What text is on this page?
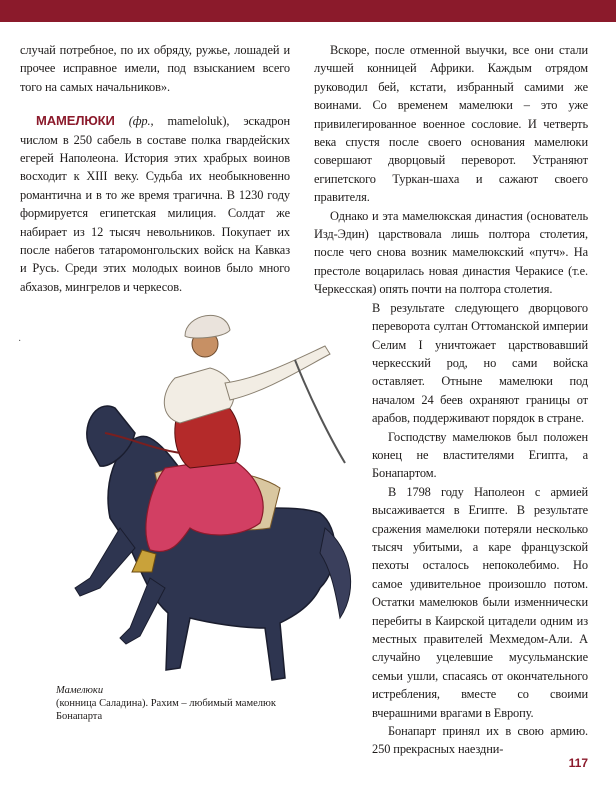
случай потребное, по их обряду, ружье, лошадей и прочее исправное имели, под взысканием всего того на самых начальников».

МАМЕЛЮКИ (фр., mameloluk), эскадрон числом в 250 сабель в составе полка гвардейских егерей Наполеона. История этих храбрых воинов восходит к XIII веку. Судьба их необыкновенно романтична и в то же время трагична. В 1230 году формируется египетская милиция. Солдат же набирает из 12 тысяч невольников. Покупает их после набегов татаромонгольских войск на Кавказ и Русь. Среди этих молодых воинов было много абхазов, мингрелов и черкесов.

·

Вскоре, после отменной выучки, все они стали лучшей конницей Африки. Каждым отрядом руководил бей, кстати, избранный самими же воинами. Со временем мамелюки – это уже привилегированное военное сословие. И четверть века спустя после своего основания мамелюки совершают дворцовый переворот. Устраняют египетского Туркан-шаха и сажают своего правителя.

Однако и эта мамелюкская династия (основатель Изд-Эдин) царствовала лишь полтора столетия, после чего снова возник мамелюкский «путч». На престоле воцарилась новая династия Черакисе (т.е. Черкесская) опять почти на полтора столетия.

В результате следующего дворцового переворота султан Оттоманской империи Селим I уничтожает царствовавший черкесский род, но сами войска оставляет. Отныне мамелюки под началом 24 беев охраняют границы от арабов, поддерживают порядок в стране.

Господству мамелюков был положен конец не властителями Египта, а Бонапартом.

В 1798 году Наполеон с армией высаживается в Египте. В результате сражения мамелюки потеряли несколько тысяч убитыми, а каре французской пехоты осталось непоколебимо. Но самое удивительное произошло потом. Остатки мамелюков были изменнически перебиты в Каирской цитадели одним из местных правителей Мехмедом-Али. А случайно уцелевшие мусульманские семьи ушли, спасаясь от окончательного истребления, вместе со своими вчерашними врагами в Европу.

Бонапарт принял их в свою армию. 250 прекрасных наездни-

Мамелюки
(конница Саладина). Рахим – любимый мамелюк Бонапарта
117
